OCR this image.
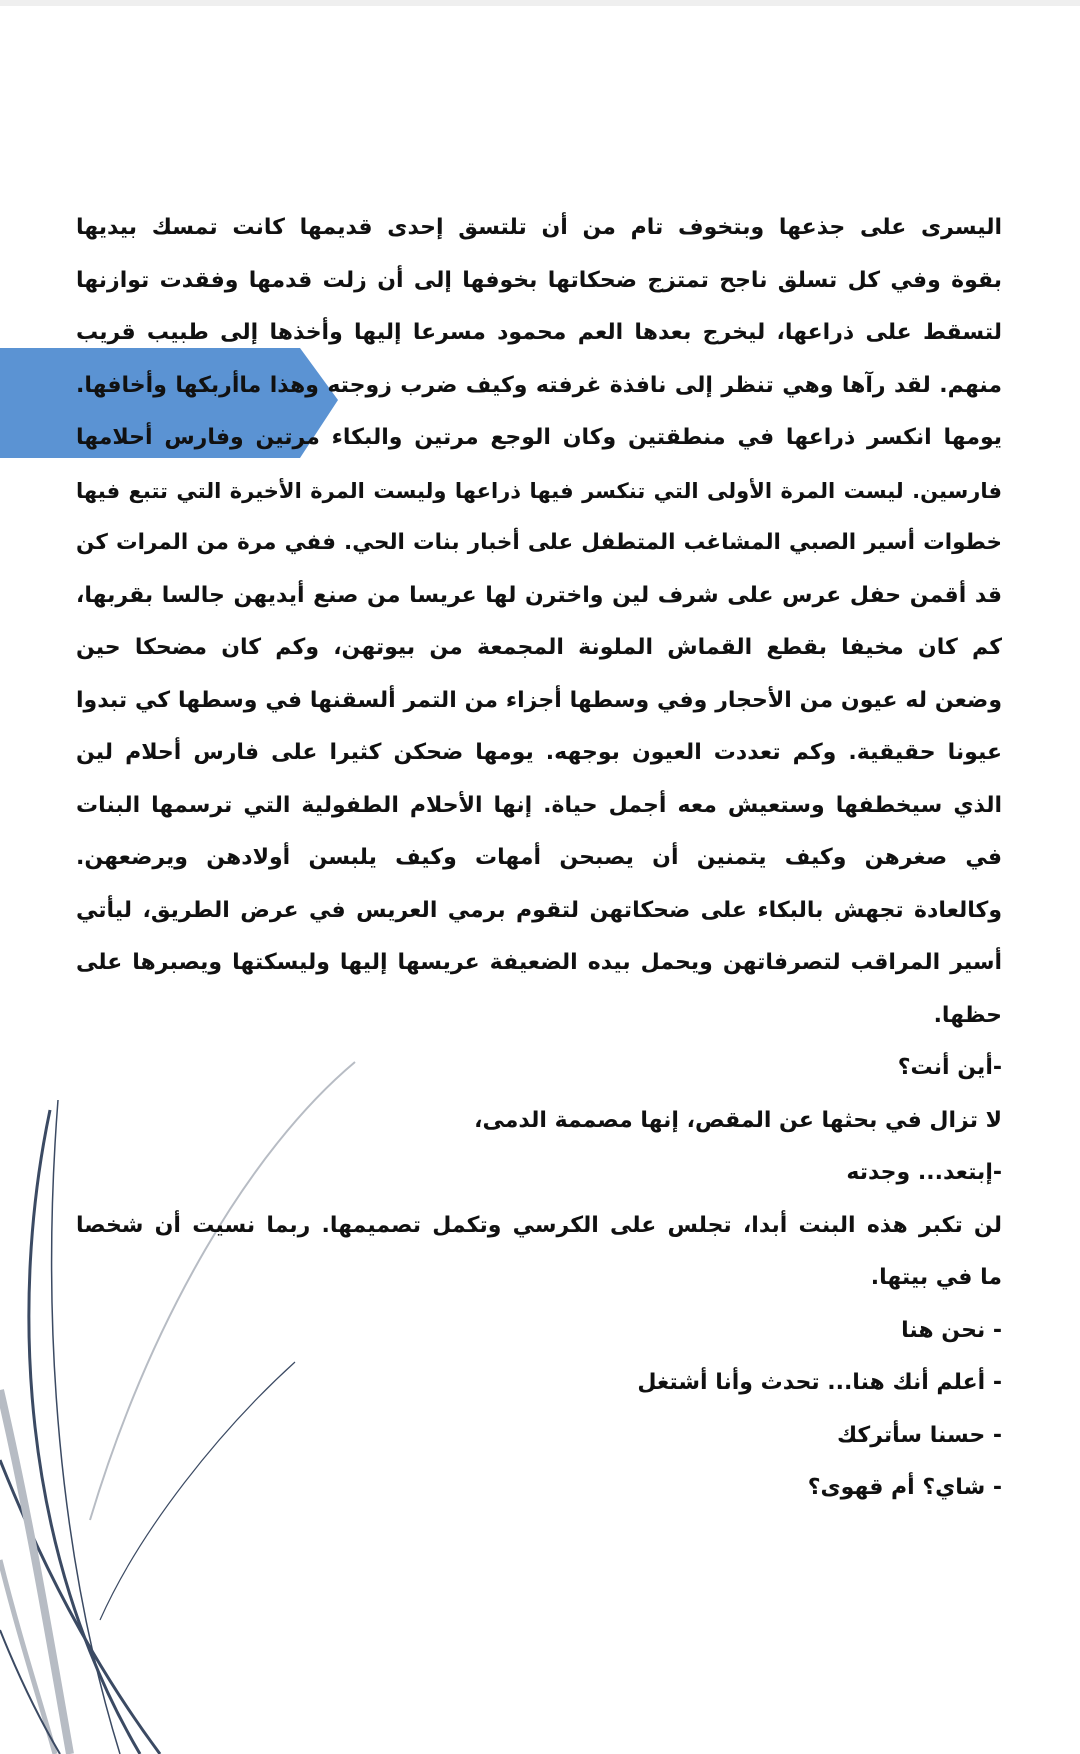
اليسرى على جذعها وبتخوف تام من أن تلتسق إحدى قديمها كانت تمسك بيديها
بقوة وفي كل تسلق ناجح تمتزج ضحكاتها بخوفها إلى أن زلت قدمها وفقدت توازنها
لتسقط على ذراعها، ليخرج بعدها العم محمود مسرعا إليها وأخذها إلى طبيب قريب
منهم. لقد رآها وهي تنظر إلى نافذة غرفته وكيف ضرب زوجته وهذا ماأربكها وأخافها.
يومها انكسر ذراعها في منطقتين وكان الوجع مرتين والبكاء مرتين وفارس أحلامها
فارسين. ليست المرة الأولى التي تنكسر فيها ذراعها وليست المرة الأخيرة التي تتبع فيها
خطوات أسير الصبي المشاغب المتطفل على أخبار بنات الحي. ففي مرة من المرات كن
قد أقمن حفل عرس على شرف لين واخترن لها عريسا من صنع أيديهن جالسا بقربها،
كم كان مخيفا بقطع القماش الملونة المجمعة من بيوتهن، وكم كان مضحكا حين
وضعن له عيون من الأحجار وفي وسطها أجزاء من التمر ألسقنها في وسطها كي تبدوا
عيونا حقيقية. وكم تعددت العيون بوجهه. يومها ضحكن كثيرا على فارس أحلام لين
الذي سيخطفها وستعيش معه أجمل حياة. إنها الأحلام الطفولية التي ترسمها البنات
في صغرهن وكيف يتمنين أن يصبحن أمهات وكيف يلبسن أولادهن ويرضعهن.
وكالعادة تجهش بالبكاء على ضحكاتهن لتقوم برمي العريس في عرض الطريق، ليأتي
أسير المراقب لتصرفاتهن ويحمل بيده الضعيفة عريسها إليها وليسكتها ويصبرها على
حظها.
-أين أنت؟
لا تزال في بحثها عن المقص، إنها مصممة الدمى،
-إبتعد... وجدته
لن تكبر هذه البنت أبدا، تجلس على الكرسي وتكمل تصميمها. ربما نسيت أن شخصا
ما في بيتها.
- نحن هنا
- أعلم أنك هنا... تحدث وأنا أشتغل
- حسنا سأتركك
- شاي؟ أم قهوى؟
